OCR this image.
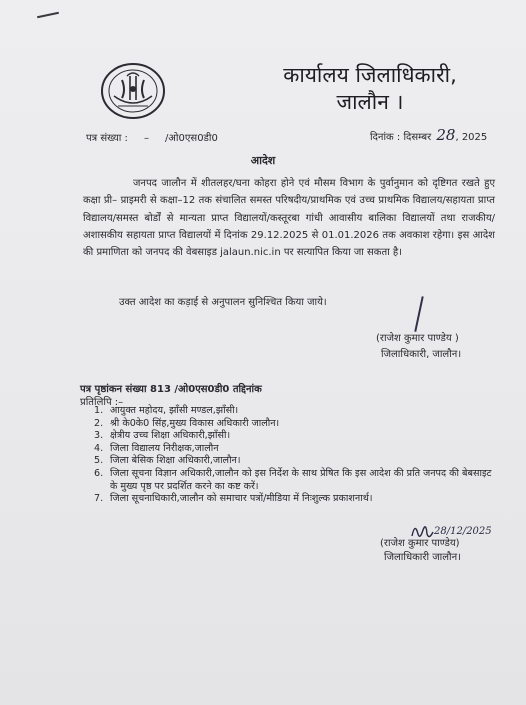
कार्यालय जिलाधिकारी,
जालौन ।
पत्र संख्या : – /ओ0एस0डी0	दिनांक : दिसम्बर 28, 2025
आदेश
जनपद जालौन में शीतलहर/घना कोहरा होने एवं मौसम विभाग के पुर्वानुमान को दृष्टिगत रखते हुए कक्षा प्री– प्राइमरी से कक्षा–12 तक संचालित समस्त परिषदीय/प्राथमिक एवं उच्च प्राथमिक विद्यालय/सहायता प्राप्त विद्यालय/समस्त बोर्डों से मान्यता प्राप्त विद्यालयों/कस्तूरबा गांधी आवासीय बालिका विद्यालयों तथा राजकीय/अशासकीय सहायता प्राप्त विद्यालयों में दिनांक 29.12.2025 से 01.01.2026 तक अवकाश रहेगा। इस आदेश की प्रमाणिता को जनपद की वेबसाइड jalaun.nic.in पर सत्यापित किया जा सकता है।
उक्त आदेश का कड़ाई से अनुपालन सुनिश्चित किया जाये।
(राजेश कुमार पाण्डेय )
जिलाधिकारी, जालौन।
पत्र पृष्ठांकन संख्या 813 /ओ0एस0डी0 तद्दिनांक
प्रतिलिपि :–
1. आयुक्त महोदय, झाँसी मण्डल,झाँसी।
2. श्री के0के0 सिंह,मुख्य विकास अधिकारी जालौन।
3. क्षेत्रीय उच्च शिक्षा अधिकारी,झाँसी।
4. जिला विद्यालय निरीक्षक,जालौन
5. जिला बेसिक शिक्षा अधिकारी,जालौन।
6. जिला सूचना विज्ञान अधिकारी,जालौन को इस निर्देश के साथ प्रेषित कि इस आदेश की प्रति जनपद की बेबसाइट के मुख्य पृष्ठ पर प्रदर्शित करने का कष्ट करें।
7. जिला सूचनाधिकारी,जालौन को समाचार पत्रों/मीडिया में निःशुल्क प्रकाशनार्थ।
28/12/2025
(राजेश कुमार पाण्डेय)
जिलाधिकारी जालौन।
